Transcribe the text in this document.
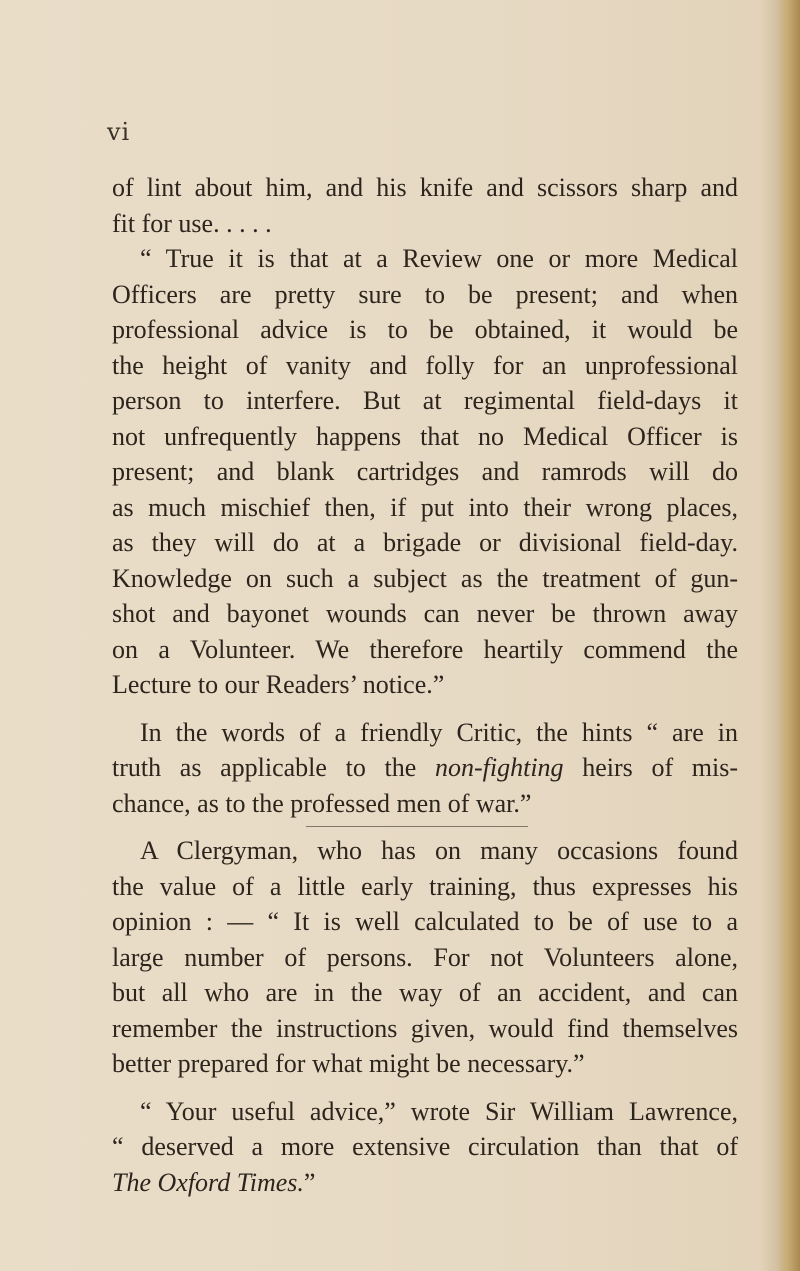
vi
of lint about him, and his knife and scissors sharp and
fit for use. . . . .
“ True it is that at a Review one or more Medical
Officers are pretty sure to be present; and when
professional advice is to be obtained, it would be
the height of vanity and folly for an unprofessional
person to interfere. But at regimental field-days it
not unfrequently happens that no Medical Officer is
present; and blank cartridges and ramrods will do
as much mischief then, if put into their wrong places,
as they will do at a brigade or divisional field-day.
Knowledge on such a subject as the treatment of gun-
shot and bayonet wounds can never be thrown away
on a Volunteer. We therefore heartily commend the
Lecture to our Readers’ notice.”
In the words of a friendly Critic, the hints “ are in
truth as applicable to the non-fighting heirs of mis-
chance, as to the professed men of war.”
A Clergyman, who has on many occasions found
the value of a little early training, thus expresses his
opinion : — “ It is well calculated to be of use to a
large number of persons. For not Volunteers alone,
but all who are in the way of an accident, and can
remember the instructions given, would find themselves
better prepared for what might be necessary.”
“ Your useful advice,” wrote Sir William Lawrence,
“ deserved a more extensive circulation than that of
The Oxford Times.”
